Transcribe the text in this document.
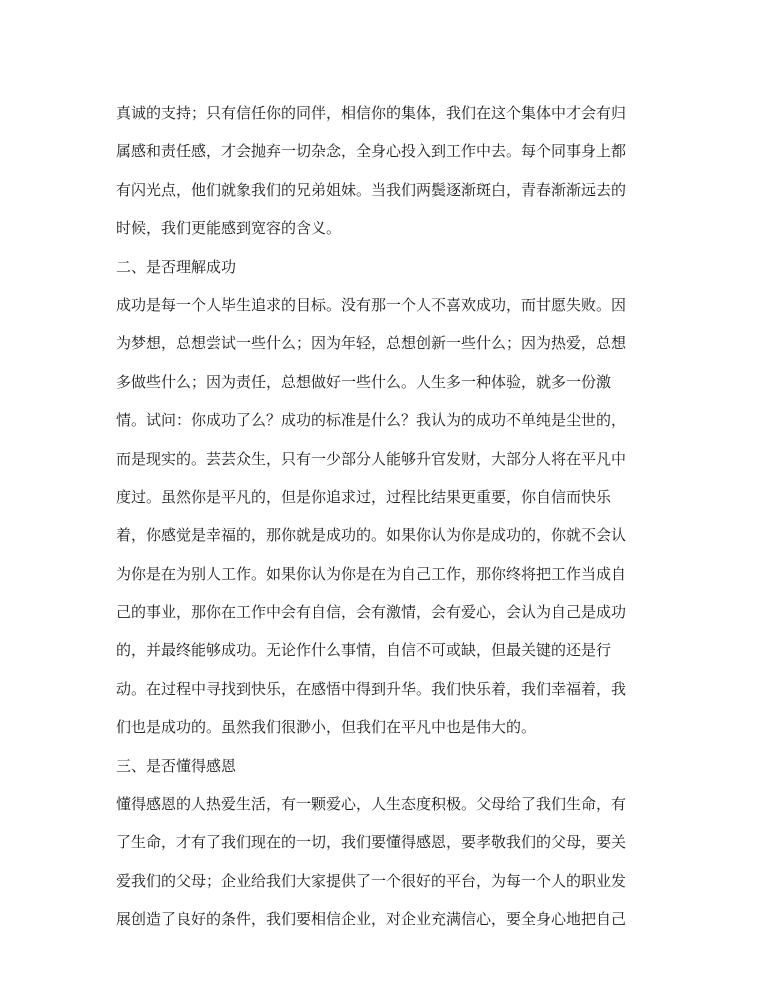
真诚的支持；只有信任你的同伴，相信你的集体，我们在这个集体中才会有归
属感和责任感，才会抛弃一切杂念，全身心投入到工作中去。每个同事身上都
有闪光点，他们就象我们的兄弟姐妹。当我们两鬓逐渐斑白，青春渐渐远去的
时候，我们更能感到宽容的含义。
二、是否理解成功
成功是每一个人毕生追求的目标。没有那一个人不喜欢成功，而甘愿失败。因
为梦想，总想尝试一些什么；因为年轻，总想创新一些什么；因为热爱，总想
多做些什么；因为责任，总想做好一些什么。人生多一种体验，就多一份激
情。试问：你成功了么？成功的标准是什么？我认为的成功不单纯是尘世的，
而是现实的。芸芸众生，只有一少部分人能够升官发财，大部分人将在平凡中
度过。虽然你是平凡的，但是你追求过，过程比结果更重要，你自信而快乐
着，你感觉是幸福的，那你就是成功的。如果你认为你是成功的，你就不会认
为你是在为别人工作。如果你认为你是在为自己工作，那你终将把工作当成自
己的事业，那你在工作中会有自信，会有激情，会有爱心，会认为自己是成功
的，并最终能够成功。无论作什么事情，自信不可或缺，但最关键的还是行
动。在过程中寻找到快乐，在感悟中得到升华。我们快乐着，我们幸福着，我
们也是成功的。虽然我们很渺小，但我们在平凡中也是伟大的。
三、是否懂得感恩
懂得感恩的人热爱生活，有一颗爱心，人生态度积极。父母给了我们生命，有
了生命，才有了我们现在的一切，我们要懂得感恩，要孝敬我们的父母，要关
爱我们的父母；企业给我们大家提供了一个很好的平台，为每一个人的职业发
展创造了良好的条件，我们要相信企业，对企业充满信心，要全身心地把自己
